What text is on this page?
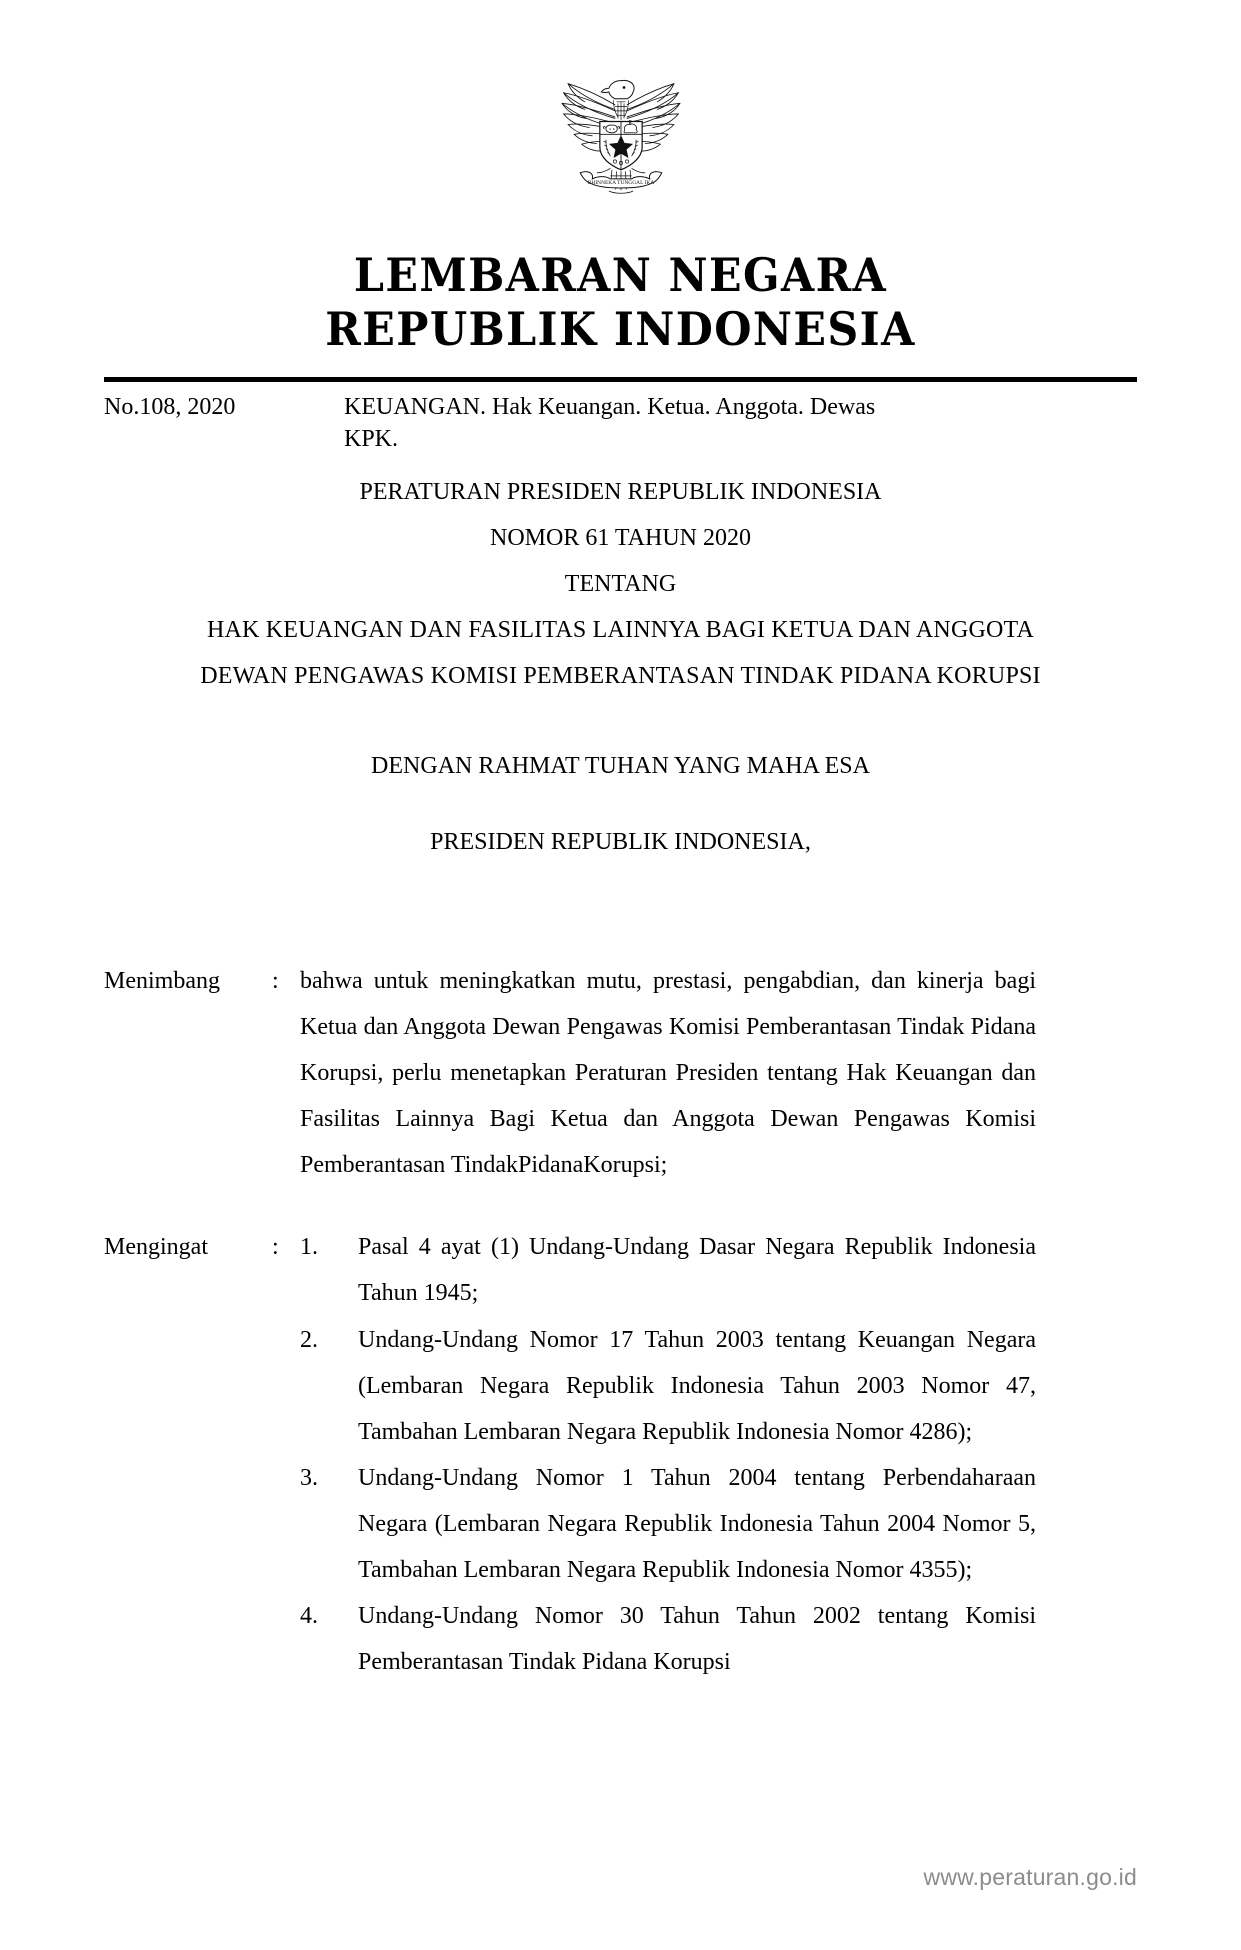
BHINNEKA TUNGGAL IKA
LEMBARAN NEGARA
REPUBLIK INDONESIA
No.108, 2020	KEUANGAN. Hak Keuangan. Ketua. Anggota. Dewas KPK.
PERATURAN PRESIDEN REPUBLIK INDONESIA
NOMOR 61 TAHUN 2020
TENTANG
HAK KEUANGAN DAN FASILITAS LAINNYA BAGI KETUA DAN ANGGOTA
DEWAN PENGAWAS KOMISI PEMBERANTASAN TINDAK PIDANA KORUPSI
DENGAN RAHMAT TUHAN YANG MAHA ESA
PRESIDEN REPUBLIK INDONESIA,
Menimbang	: bahwa untuk meningkatkan mutu, prestasi, pengabdian, dan kinerja bagi Ketua dan Anggota Dewan Pengawas Komisi Pemberantasan Tindak Pidana Korupsi, perlu menetapkan Peraturan Presiden tentang Hak Keuangan dan Fasilitas Lainnya Bagi Ketua dan Anggota Dewan Pengawas Komisi Pemberantasan TindakPidanaKorupsi;
Mengingat	: 1.	Pasal 4 ayat (1) Undang-Undang Dasar Negara Republik Indonesia Tahun 1945;
2.	Undang-Undang Nomor 17 Tahun 2003 tentang Keuangan Negara (Lembaran Negara Republik Indonesia Tahun 2003 Nomor 47, Tambahan Lembaran Negara Republik Indonesia Nomor 4286);
3.	Undang-Undang Nomor 1 Tahun 2004 tentang Perbendaharaan Negara (Lembaran Negara Republik Indonesia Tahun 2004 Nomor 5, Tambahan Lembaran Negara Republik Indonesia Nomor 4355);
4.	Undang-Undang Nomor 30 Tahun Tahun 2002 tentang Komisi Pemberantasan Tindak Pidana Korupsi
www.peraturan.go.id
